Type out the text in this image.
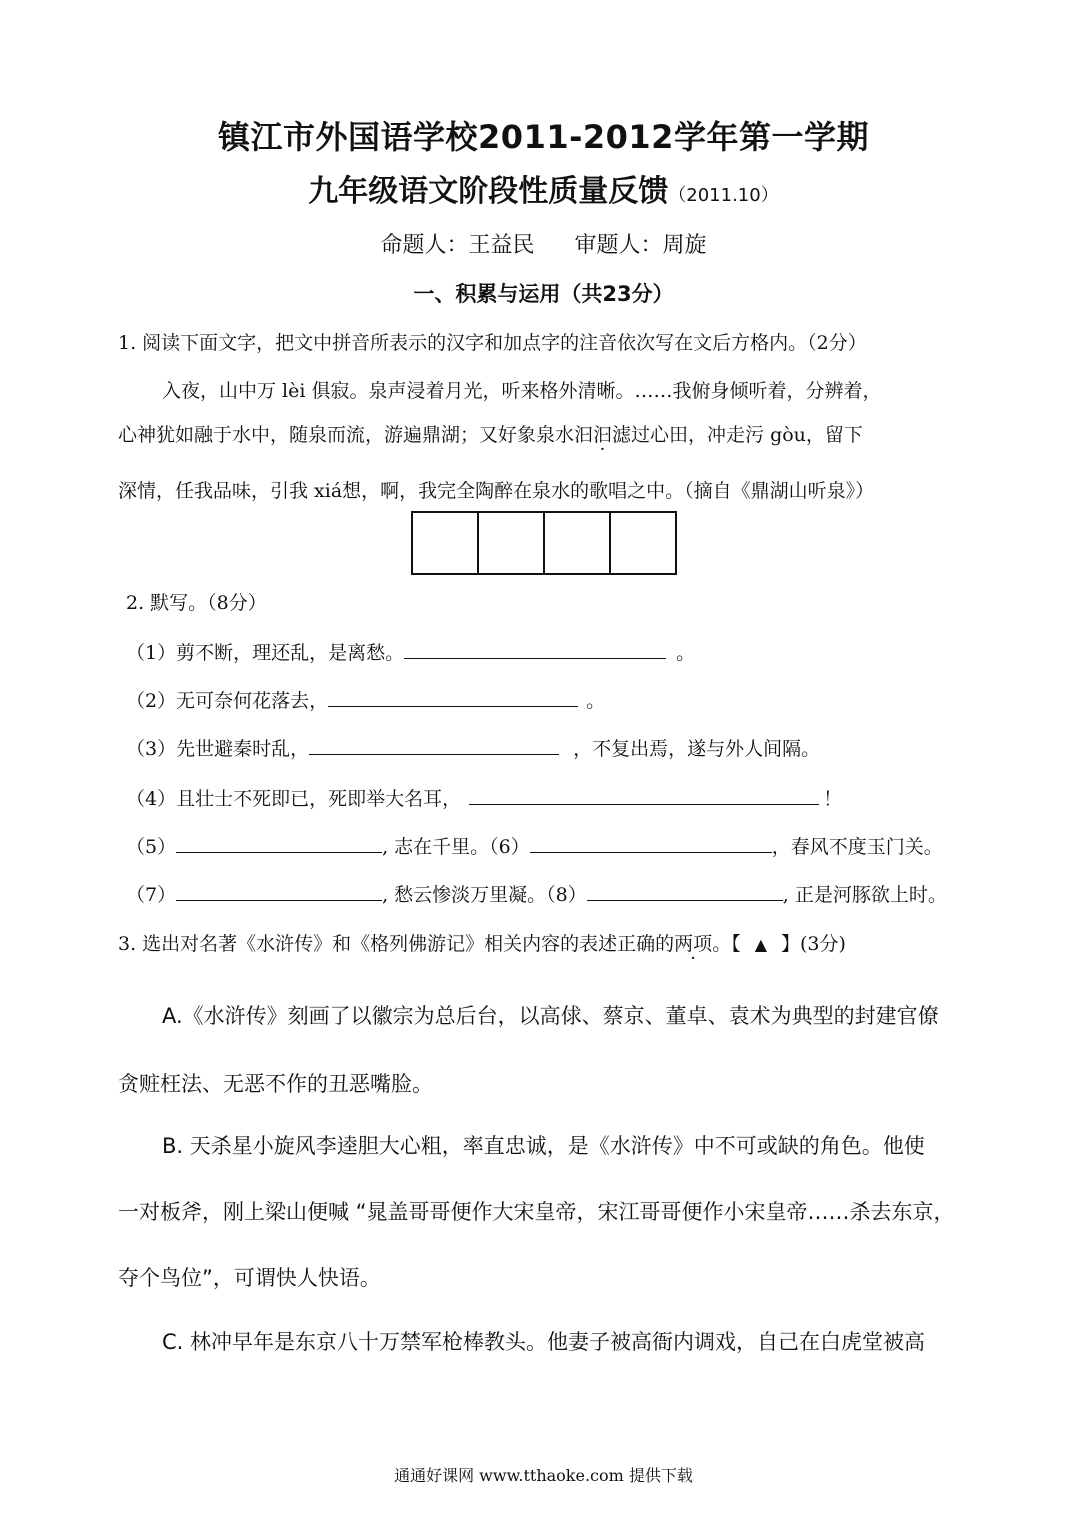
镇江市外国语学校2011-2012学年第一学期
九年级语文阶段性质量反馈（2011.10）
命题人：王益民 审题人：周旋
一、积累与运用（共23分）
1. 阅读下面文字，把文中拼音所表示的汉字和加点字的注音依次写在文后方格内。（2分）
入夜，山中万 lèi 俱寂。泉声浸着月光，听来格外清晰。……我俯身倾听着，分辨着，
心神犹如融于水中，随泉而流，游遍鼎湖；又好象泉水汩汩滤过心田，冲走污 gòu，留下
深情，任我品味，引我 xiá想，啊，我完全陶醉在泉水的歌唱之中。（摘自《鼎湖山听泉》）
2. 默写。（8分）
（1）剪不断，理还乱，是离愁。	。
（2）无可奈何花落去，	。
（3）先世避秦时乱，	，不复出焉，遂与外人间隔。
（4）且壮士不死即已，死即举大名耳，	！
（5）	, 志在千里。（6）	，春风不度玉门关。
（7）	, 愁云惨淡万里凝。（8）	, 正是河豚欲上时。
3. 选出对名著《水浒传》和《格列佛游记》相关内容的表述正确的两项。【 ▲ 】(3分)
A.《水浒传》刻画了以徽宗为总后台，以高俅、蔡京、董卓、袁术为典型的封建官僚
贪赃枉法、无恶不作的丑恶嘴脸。
B. 天杀星小旋风李逵胆大心粗，率直忠诚，是《水浒传》中不可或缺的角色。他使
一对板斧，刚上梁山便喊 “晁盖哥哥便作大宋皇帝，宋江哥哥便作小宋皇帝……杀去东京，
夺个鸟位”，可谓快人快语。
C. 林冲早年是东京八十万禁军枪棒教头。他妻子被高衙内调戏，自己在白虎堂被高
通通好课网 www.tthaoke.com 提供下载
